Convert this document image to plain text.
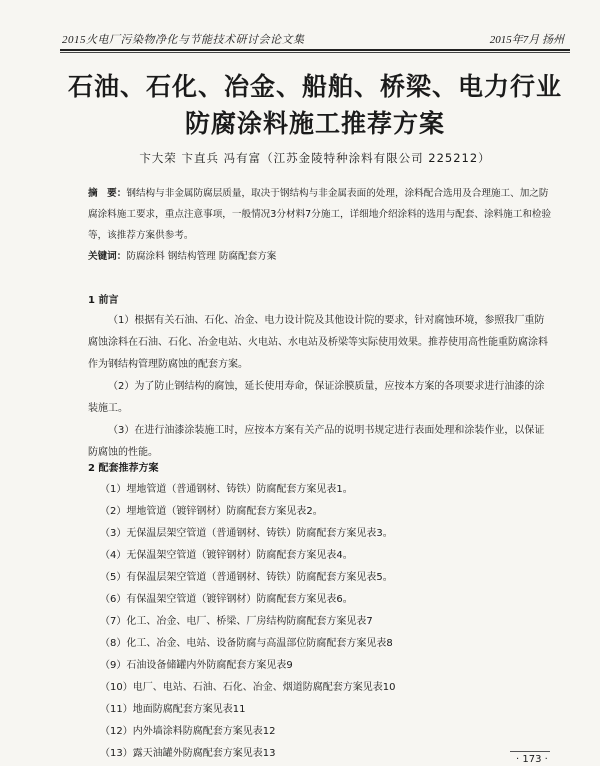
2015火电厂污染物净化与节能技术研讨会论文集	2015年7月 扬州
石油、石化、冶金、船舶、桥梁、电力行业
防腐涂料施工推荐方案
卞大荣 卞直兵 冯有富（江苏金陵特种涂料有限公司 225212）
摘　要：钢结构与非金属防腐层质量，取决于钢结构与非金属表面的处理，涂料配合选用及合理施工、加之防腐涂料施工要求，重点注意事项，一般情况3分材料7分施工，详细地介绍涂料的选用与配套、涂料施工和检验等，该推荐方案供参考。
关键词：防腐涂料 钢结构管理 防腐配套方案
1 前言
（1）根据有关石油、石化、冶金、电力设计院及其他设计院的要求，针对腐蚀环境，参照我厂重防腐蚀涂料在石油、石化、冶金电站、火电站、水电站及桥梁等实际使用效果。推荐使用高性能重防腐涂料作为钢结构管理防腐蚀的配套方案。
（2）为了防止钢结构的腐蚀，延长使用寿命，保证涂膜质量，应按本方案的各项要求进行油漆的涂装施工。
（3）在进行油漆涂装施工时，应按本方案有关产品的说明书规定进行表面处理和涂装作业，以保证防腐蚀的性能。
2 配套推荐方案
（1）埋地管道（普通钢材、铸铁）防腐配套方案见表1。
（2）埋地管道（镀锌钢材）防腐配套方案见表2。
（3）无保温层架空管道（普通钢材、铸铁）防腐配套方案见表3。
（4）无保温架空管道（镀锌钢材）防腐配套方案见表4。
（5）有保温层架空管道（普通钢材、铸铁）防腐配套方案见表5。
（6）有保温架空管道（镀锌钢材）防腐配套方案见表6。
（7）化工、冶金、电厂、桥梁、厂房结构防腐配套方案见表7
（8）化工、冶金、电站、设备防腐与高温部位防腐配套方案见表8
（9）石油设备储罐内外防腐配套方案见表9
（10）电厂、电站、石油、石化、冶金、烟道防腐配套方案见表10
（11）地面防腐配套方案见表11
（12）内外墙涂料防腐配套方案见表12
（13）露天油罐外防腐配套方案见表13
· 173 ·
